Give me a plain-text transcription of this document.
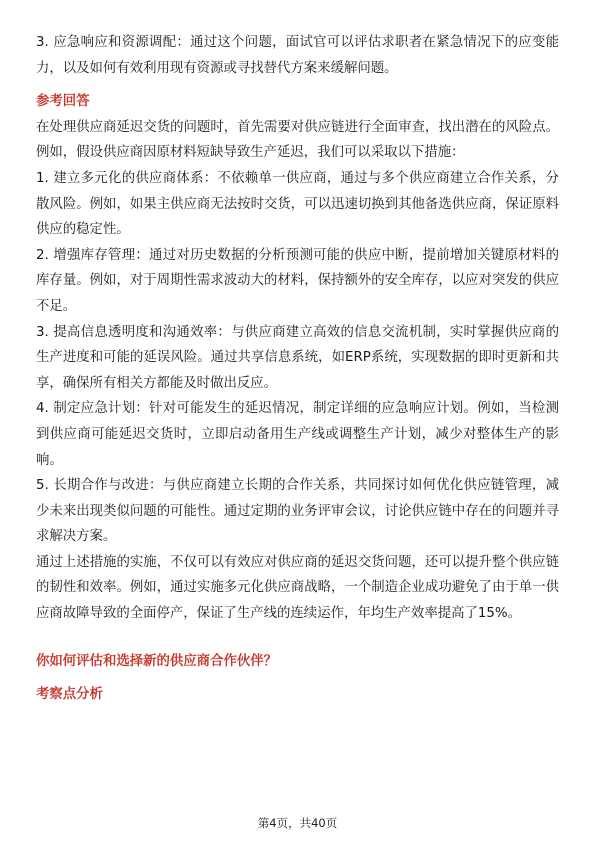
3. 应急响应和资源调配：通过这个问题，面试官可以评估求职者在紧急情况下的应变能力，以及如何有效利用现有资源或寻找替代方案来缓解问题。

参考回答

在处理供应商延迟交货的问题时，首先需要对供应链进行全面审查，找出潜在的风险点。例如，假设供应商因原材料短缺导致生产延迟，我们可以采取以下措施：

1. 建立多元化的供应商体系：不依赖单一供应商，通过与多个供应商建立合作关系，分散风险。例如，如果主供应商无法按时交货，可以迅速切换到其他备选供应商，保证原料供应的稳定性。

2. 增强库存管理：通过对历史数据的分析预测可能的供应中断，提前增加关键原材料的库存量。例如，对于周期性需求波动大的材料，保持额外的安全库存，以应对突发的供应不足。

3. 提高信息透明度和沟通效率：与供应商建立高效的信息交流机制，实时掌握供应商的生产进度和可能的延误风险。通过共享信息系统，如ERP系统，实现数据的即时更新和共享，确保所有相关方都能及时做出反应。

4. 制定应急计划：针对可能发生的延迟情况，制定详细的应急响应计划。例如，当检测到供应商可能延迟交货时，立即启动备用生产线或调整生产计划，减少对整体生产的影响。

5. 长期合作与改进：与供应商建立长期的合作关系，共同探讨如何优化供应链管理，减少未来出现类似问题的可能性。通过定期的业务评审会议，讨论供应链中存在的问题并寻求解决方案。

通过上述措施的实施，不仅可以有效应对供应商的延迟交货问题，还可以提升整个供应链的韧性和效率。例如，通过实施多元化供应商战略，一个制造企业成功避免了由于单一供应商故障导致的全面停产，保证了生产线的连续运作，年均生产效率提高了15%。

你如何评估和选择新的供应商合作伙伴？

考察点分析

第4页，共40页
